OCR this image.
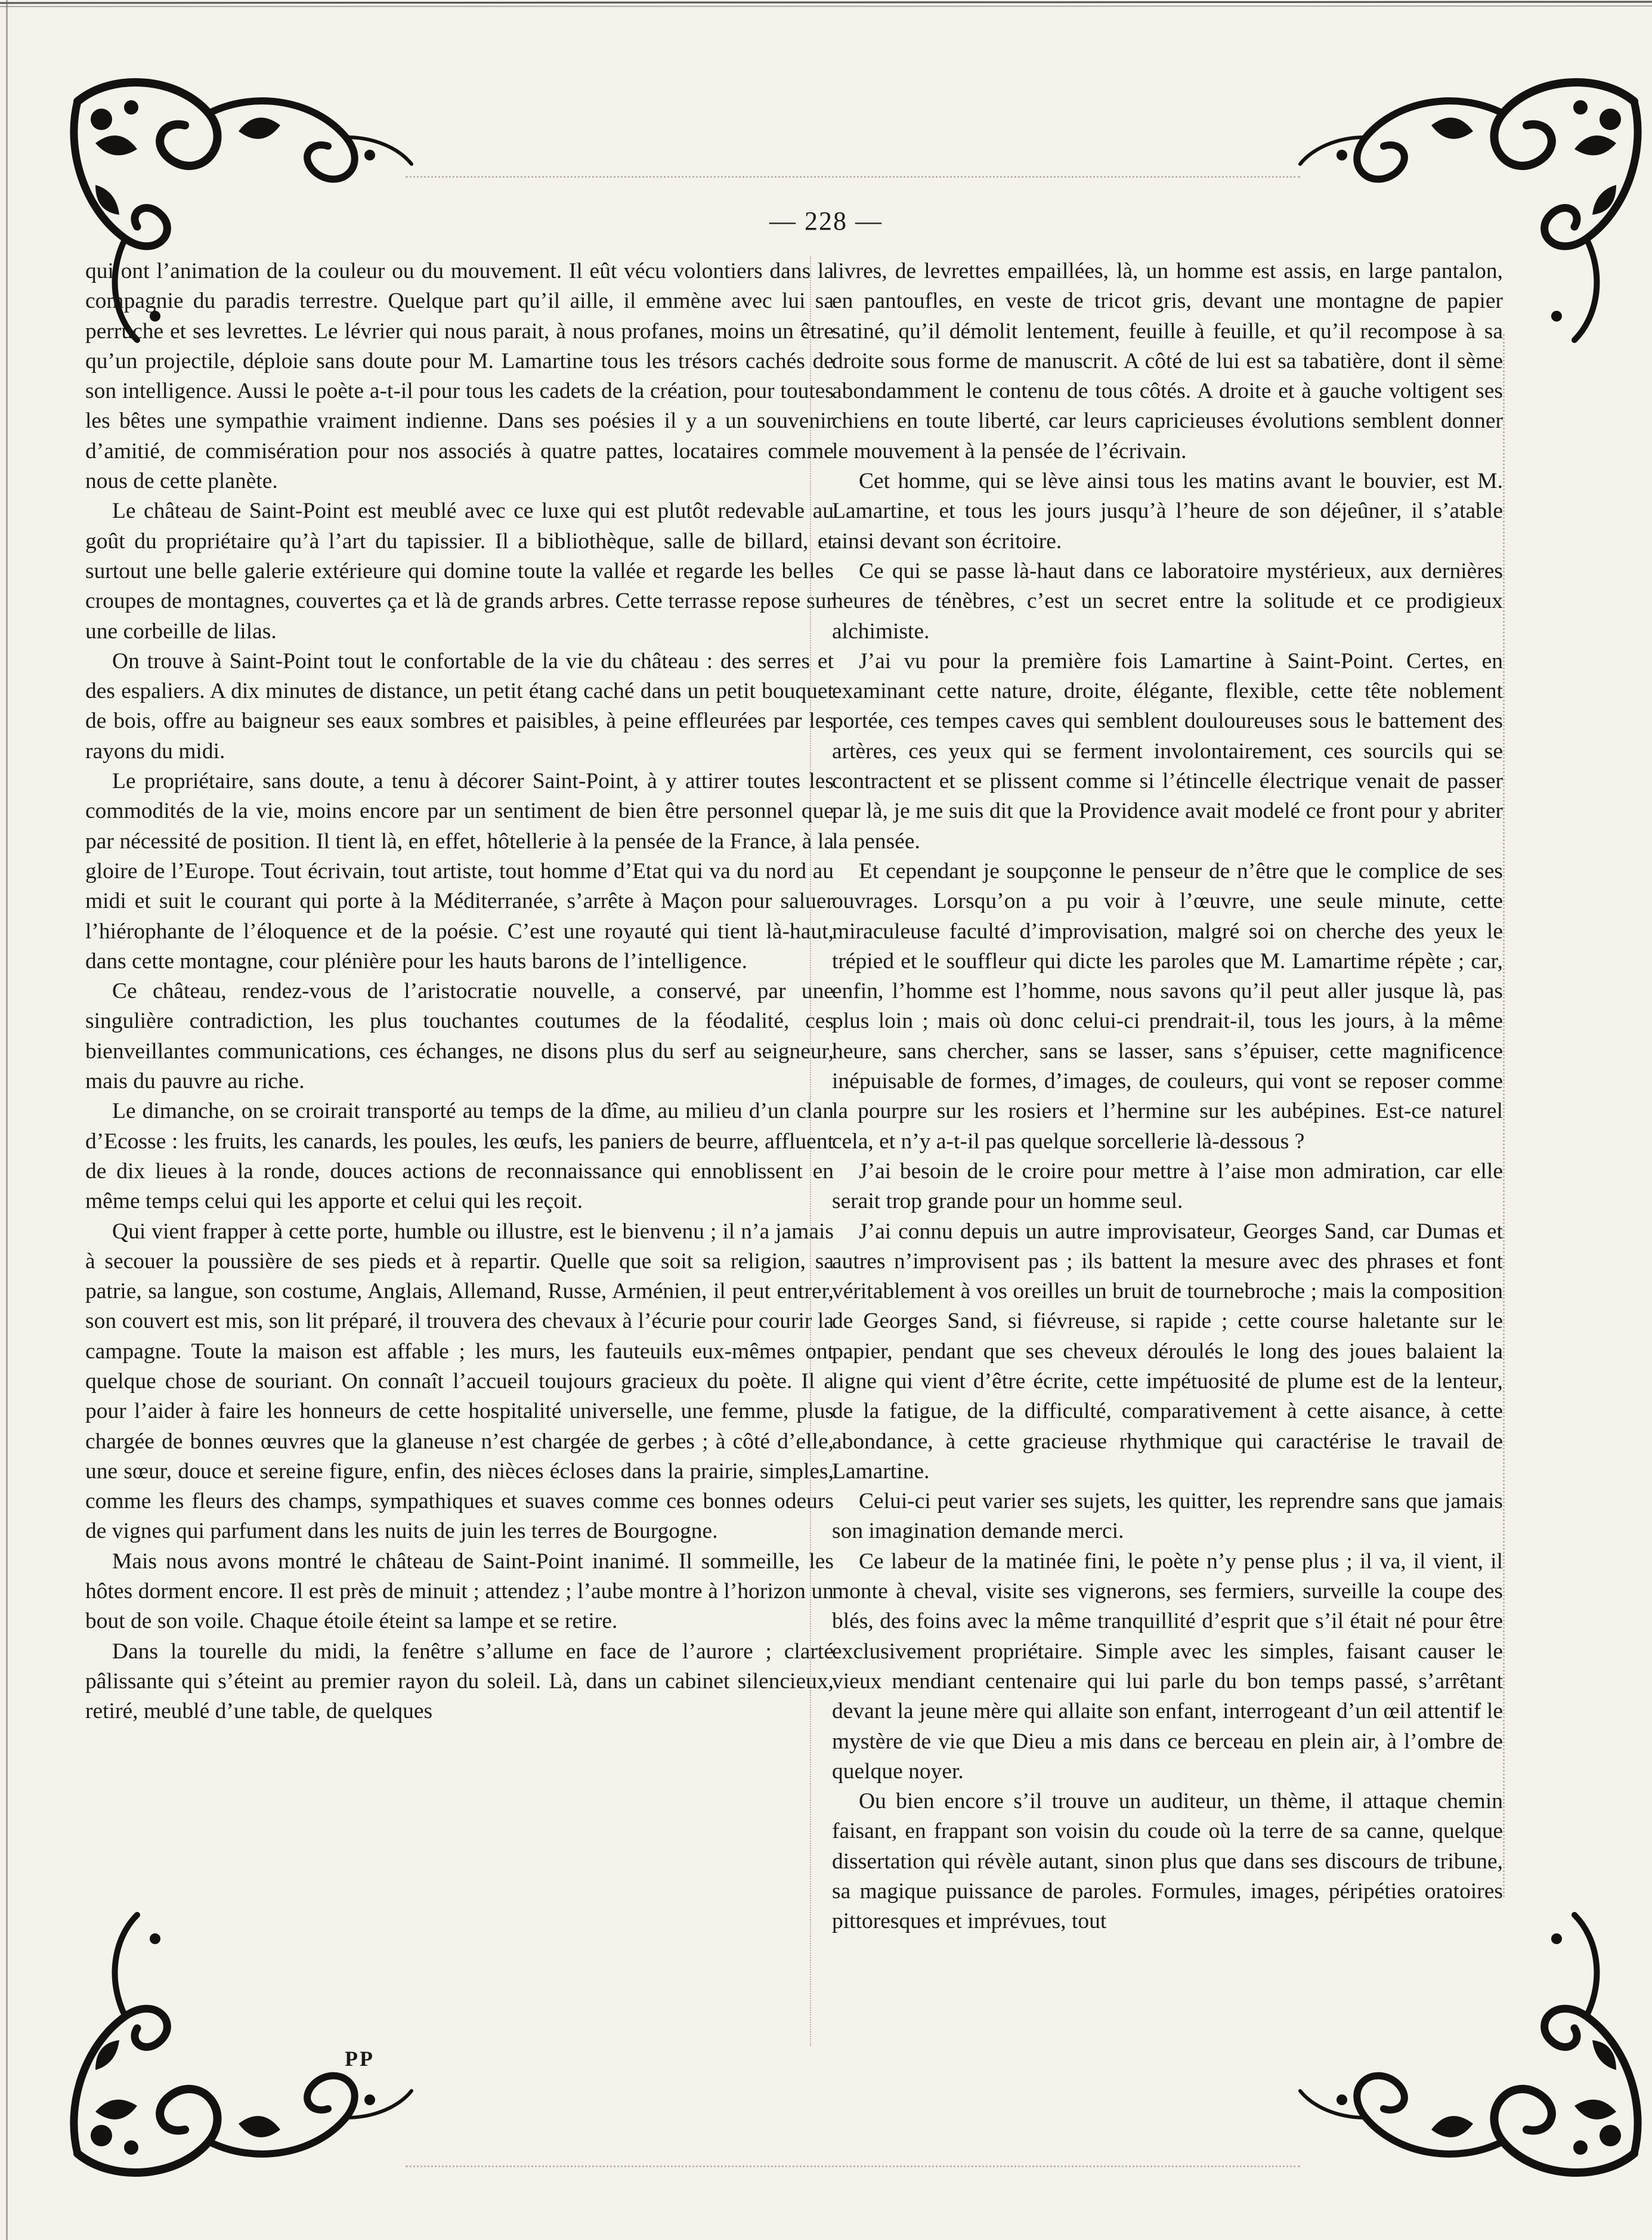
— 228 —

qui ont l’animation de la couleur ou du mouvement. Il eût vécu volontiers dans la compagnie du paradis terrestre. Quelque part qu’il aille, il emmène avec lui sa perruche et ses levrettes. Le lévrier qui nous parait, à nous profanes, moins un être qu’un projectile, déploie sans doute pour M. Lamartine tous les trésors cachés de son intelligence. Aussi le poète a-t-il pour tous les cadets de la création, pour toutes les bêtes une sympathie vraiment indienne. Dans ses poésies il y a un souvenir d’amitié, de commisération pour nos associés à quatre pattes, locataires comme nous de cette planète.

Le château de Saint-Point est meublé avec ce luxe qui est plutôt redevable au goût du propriétaire qu’à l’art du tapissier. Il a bibliothèque, salle de billard, et surtout une belle galerie extérieure qui domine toute la vallée et regarde les belles croupes de montagnes, couvertes ça et là de grands arbres. Cette terrasse repose sur une corbeille de lilas.

On trouve à Saint-Point tout le confortable de la vie du château : des serres et des espaliers. A dix minutes de distance, un petit étang caché dans un petit bouquet de bois, offre au baigneur ses eaux sombres et paisibles, à peine effleurées par les rayons du midi.

Le propriétaire, sans doute, a tenu à décorer Saint-Point, à y attirer toutes les commodités de la vie, moins encore par un sentiment de bien être personnel que par nécessité de position. Il tient là, en effet, hôtellerie à la pensée de la France, à la gloire de l’Europe. Tout écrivain, tout artiste, tout homme d’Etat qui va du nord au midi et suit le courant qui porte à la Méditerranée, s’arrête à Maçon pour saluer l’hiérophante de l’éloquence et de la poésie. C’est une royauté qui tient là-haut, dans cette montagne, cour plénière pour les hauts barons de l’intelligence.

Ce château, rendez-vous de l’aristocratie nouvelle, a conservé, par une singulière contradiction, les plus touchantes coutumes de la féodalité, ces bienveillantes communications, ces échanges, ne disons plus du serf au seigneur, mais du pauvre au riche.

Le dimanche, on se croirait transporté au temps de la dîme, au milieu d’un clan d’Ecosse : les fruits, les canards, les poules, les œufs, les paniers de beurre, affluent de dix lieues à la ronde, douces actions de reconnaissance qui ennoblissent en même temps celui qui les apporte et celui qui les reçoit.

Qui vient frapper à cette porte, humble ou illustre, est le bienvenu ; il n’a jamais à secouer la poussière de ses pieds et à repartir. Quelle que soit sa religion, sa patrie, sa langue, son costume, Anglais, Allemand, Russe, Arménien, il peut entrer, son couvert est mis, son lit préparé, il trouvera des chevaux à l’écurie pour courir la campagne. Toute la maison est affable ; les murs, les fauteuils eux-mêmes ont quelque chose de souriant. On connaît l’accueil toujours gracieux du poète. Il a pour l’aider à faire les honneurs de cette hospitalité universelle, une femme, plus chargée de bonnes œuvres que la glaneuse n’est chargée de gerbes ; à côté d’elle, une sœur, douce et sereine figure, enfin, des nièces écloses dans la prairie, simples, comme les fleurs des champs, sympathiques et suaves comme ces bonnes odeurs de vignes qui parfument dans les nuits de juin les terres de Bourgogne.

Mais nous avons montré le château de Saint-Point inanimé. Il sommeille, les hôtes dorment encore. Il est près de minuit ; attendez ; l’aube montre à l’horizon un bout de son voile. Chaque étoile éteint sa lampe et se retire.

Dans la tourelle du midi, la fenêtre s’allume en face de l’aurore ; clarté pâlissante qui s’éteint au premier rayon du soleil. Là, dans un cabinet silencieux, retiré, meublé d’une table, de quelques

livres, de levrettes empaillées, là, un homme est assis, en large pantalon, en pantoufles, en veste de tricot gris, devant une montagne de papier satiné, qu’il démolit lentement, feuille à feuille, et qu’il recompose à sa droite sous forme de manuscrit. A côté de lui est sa tabatière, dont il sème abondamment le contenu de tous côtés. A droite et à gauche voltigent ses chiens en toute liberté, car leurs capricieuses évolutions semblent donner le mouvement à la pensée de l’écrivain.

Cet homme, qui se lève ainsi tous les matins avant le bouvier, est M. Lamartine, et tous les jours jusqu’à l’heure de son déjeûner, il s’atable ainsi devant son écritoire.

Ce qui se passe là-haut dans ce laboratoire mystérieux, aux dernières heures de ténèbres, c’est un secret entre la solitude et ce prodigieux alchimiste.

J’ai vu pour la première fois Lamartine à Saint-Point. Certes, en examinant cette nature, droite, élégante, flexible, cette tête noblement portée, ces tempes caves qui semblent douloureuses sous le battement des artères, ces yeux qui se ferment involontairement, ces sourcils qui se contractent et se plissent comme si l’étincelle électrique venait de passer par là, je me suis dit que la Providence avait modelé ce front pour y abriter la pensée.

Et cependant je soupçonne le penseur de n’être que le complice de ses ouvrages. Lorsqu’on a pu voir à l’œuvre, une seule minute, cette miraculeuse faculté d’improvisation, malgré soi on cherche des yeux le trépied et le souffleur qui dicte les paroles que M. Lamartime répète ; car, enfin, l’homme est l’homme, nous savons qu’il peut aller jusque là, pas plus loin ; mais où donc celui-ci prendrait-il, tous les jours, à la même heure, sans chercher, sans se lasser, sans s’épuiser, cette magnificence inépuisable de formes, d’images, de couleurs, qui vont se reposer comme la pourpre sur les rosiers et l’hermine sur les aubépines. Est-ce naturel cela, et n’y a-t-il pas quelque sorcellerie là-dessous ?

J’ai besoin de le croire pour mettre à l’aise mon admiration, car elle serait trop grande pour un homme seul.

J’ai connu depuis un autre improvisateur, Georges Sand, car Dumas et autres n’improvisent pas ; ils battent la mesure avec des phrases et font véritablement à vos oreilles un bruit de tournebroche ; mais la composition de Georges Sand, si fiévreuse, si rapide ; cette course haletante sur le papier, pendant que ses cheveux déroulés le long des joues balaient la ligne qui vient d’être écrite, cette impétuosité de plume est de la lenteur, de la fatigue, de la difficulté, comparativement à cette aisance, à cette abondance, à cette gracieuse rhythmique qui caractérise le travail de Lamartine.

Celui-ci peut varier ses sujets, les quitter, les reprendre sans que jamais son imagination demande merci.

Ce labeur de la matinée fini, le poète n’y pense plus ; il va, il vient, il monte à cheval, visite ses vignerons, ses fermiers, surveille la coupe des blés, des foins avec la même tranquillité d’esprit que s’il était né pour être exclusivement propriétaire. Simple avec les simples, faisant causer le vieux mendiant centenaire qui lui parle du bon temps passé, s’arrêtant devant la jeune mère qui allaite son enfant, interrogeant d’un œil attentif le mystère de vie que Dieu a mis dans ce berceau en plein air, à l’ombre de quelque noyer.

Ou bien encore s’il trouve un auditeur, un thème, il attaque chemin faisant, en frappant son voisin du coude où la terre de sa canne, quelque dissertation qui révèle autant, sinon plus que dans ses discours de tribune, sa magique puissance de paroles. Formules, images, péripéties oratoires pittoresques et imprévues, tout

PP
